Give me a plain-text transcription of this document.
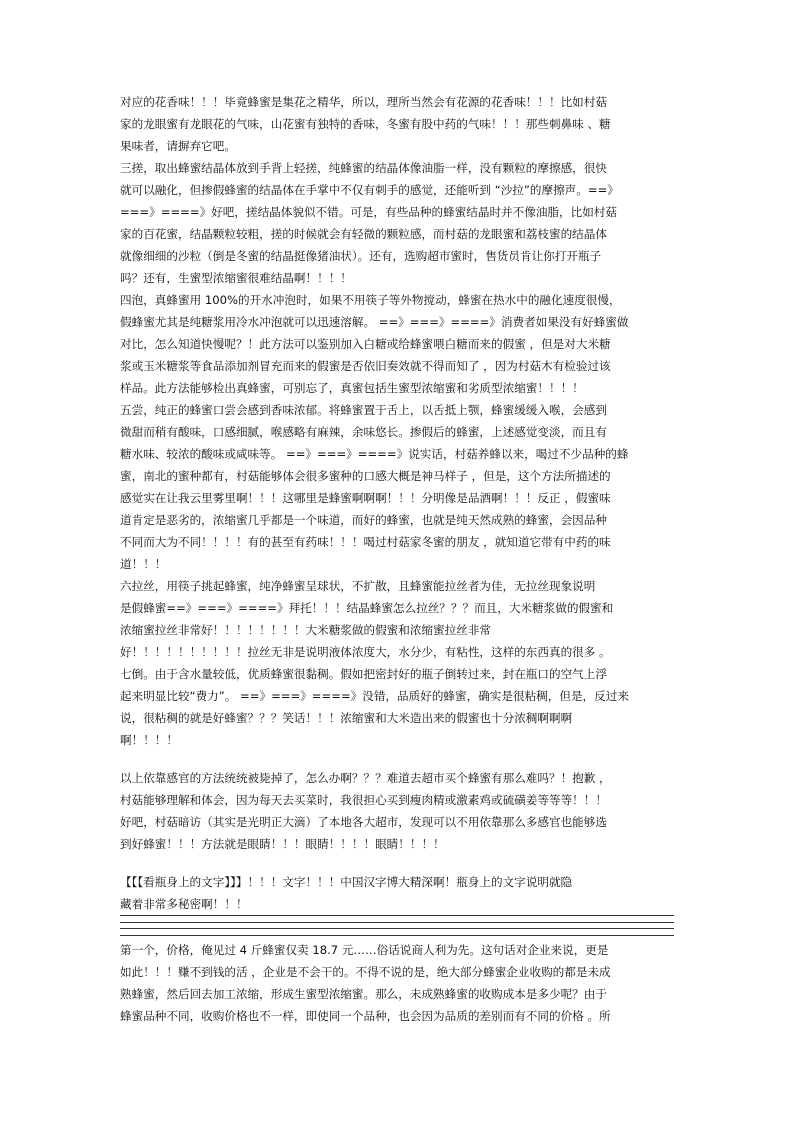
对应的花香味！！！毕竟蜂蜜是集花之精华，所以，理所当然会有花源的花香味！！！比如村菇
家的龙眼蜜有龙眼花的气味，山花蜜有独特的香味，冬蜜有股中药的气味！！！那些刺鼻味 、糖
果味者，请摒弃它吧。
三搓，取出蜂蜜结晶体放到手背上轻搓，纯蜂蜜的结晶体像油脂一样，没有颗粒的摩擦感，很快
就可以融化，但掺假蜂蜜的结晶体在手掌中不仅有刺手的感觉，还能听到 “沙拉”的摩擦声。==》
===》====》好吧，搓结晶体貌似不错。可是，有些品种的蜂蜜结晶时并不像油脂，比如村菇
家的百花蜜，结晶颗粒较粗，搓的时候就会有轻微的颗粒感，而村菇的龙眼蜜和荔枝蜜的结晶体
就像细细的沙粒（倒是冬蜜的结晶挺像猪油状）。还有，选购超市蜜时，售货员肯让你打开瓶子
吗？还有，生蜜型浓缩蜜很难结晶啊！！！！
四泡，真蜂蜜用 100%的开水冲泡时，如果不用筷子等外物搅动，蜂蜜在热水中的融化速度很慢，
假蜂蜜尤其是纯糖浆用冷水冲泡就可以迅速溶解。 ==》===》====》消费者如果没有好蜂蜜做
对比，怎么知道快慢呢？！此方法可以鉴别加入白糖或给蜂蜜喂白糖而来的假蜜 ，但是对大米糖
浆或玉米糖浆等食品添加剂冒充而来的假蜜是否依旧奏效就不得而知了 ，因为村菇木有检验过该
样品。此方法能够检出真蜂蜜，可别忘了，真蜜包括生蜜型浓缩蜜和劣质型浓缩蜜！！！！
五尝，纯正的蜂蜜口尝会感到香味浓郁。将蜂蜜置于舌上，以舌抵上颚，蜂蜜缓缓入喉，会感到
微甜而稍有酸味，口感细腻，喉感略有麻辣，余味悠长。掺假后的蜂蜜，上述感觉变淡，而且有
糖水味、较浓的酸味或咸味等。 ==》===》====》说实话，村菇养蜂以来，喝过不少品种的蜂
蜜，南北的蜜种都有，村菇能够体会很多蜜种的口感大概是神马样子 ，但是，这个方法所描述的
感觉实在让我云里雾里啊！！！这哪里是蜂蜜啊啊啊！！！分明像是品酒啊！！！反正 ，假蜜味
道肯定是恶劣的，浓缩蜜几乎都是一个味道，而好的蜂蜜，也就是纯天然成熟的蜂蜜，会因品种
不同而大为不同！！！！有的甚至有药味！！！喝过村菇家冬蜜的朋友 ，就知道它带有中药的味
道！！！
六拉丝，用筷子挑起蜂蜜，纯净蜂蜜呈球状，不扩散，且蜂蜜能拉丝者为佳，无拉丝现象说明
是假蜂蜜==》===》====》拜托！！！结晶蜂蜜怎么拉丝？？？而且，大米糖浆做的假蜜和
浓缩蜜拉丝非常好！！！！！！！！大米糖浆做的假蜜和浓缩蜜拉丝非常
好！！！！！！！！！！拉丝无非是说明液体浓度大，水分少，有粘性，这样的东西真的很多 。
七倒。由于含水量较低，优质蜂蜜很黏稠。假如把密封好的瓶子倒转过来，封在瓶口的空气上浮
起来明显比较“费力”。 ==》===》====》没错，品质好的蜂蜜，确实是很粘稠，但是，反过来
说，很粘稠的就是好蜂蜜？？？笑话！！！浓缩蜜和大米造出来的假蜜也十分浓稠啊啊啊
啊！！！！
以上依靠感官的方法统统被毙掉了，怎么办啊？？？难道去超市买个蜂蜜有那么难吗？！抱歉 ，
村菇能够理解和体会，因为每天去买菜时，我很担心买到瘦肉精或激素鸡或硫磺姜等等等！！！
好吧，村菇暗访（其实是光明正大滴）了本地各大超市，发现可以不用依靠那么多感官也能够选
到好蜂蜜！！！方法就是眼睛！！！眼睛！！！！眼睛！！！！
【【【看瓶身上的文字】】】！！！文字！！！中国汉字博大精深啊！瓶身上的文字说明就隐
藏着非常多秘密啊！！！
第一个，价格，俺见过 4 斤蜂蜜仅卖 18.7 元……俗话说商人利为先。这句话对企业来说，更是
如此！！！赚不到钱的活 ，企业是不会干的。不得不说的是，绝大部分蜂蜜企业收购的都是未成
熟蜂蜜，然后回去加工浓缩，形成生蜜型浓缩蜜。那么，未成熟蜂蜜的收购成本是多少呢？由于
蜂蜜品种不同，收购价格也不一样，即使同一个品种，也会因为品质的差别而有不同的价格 。所
